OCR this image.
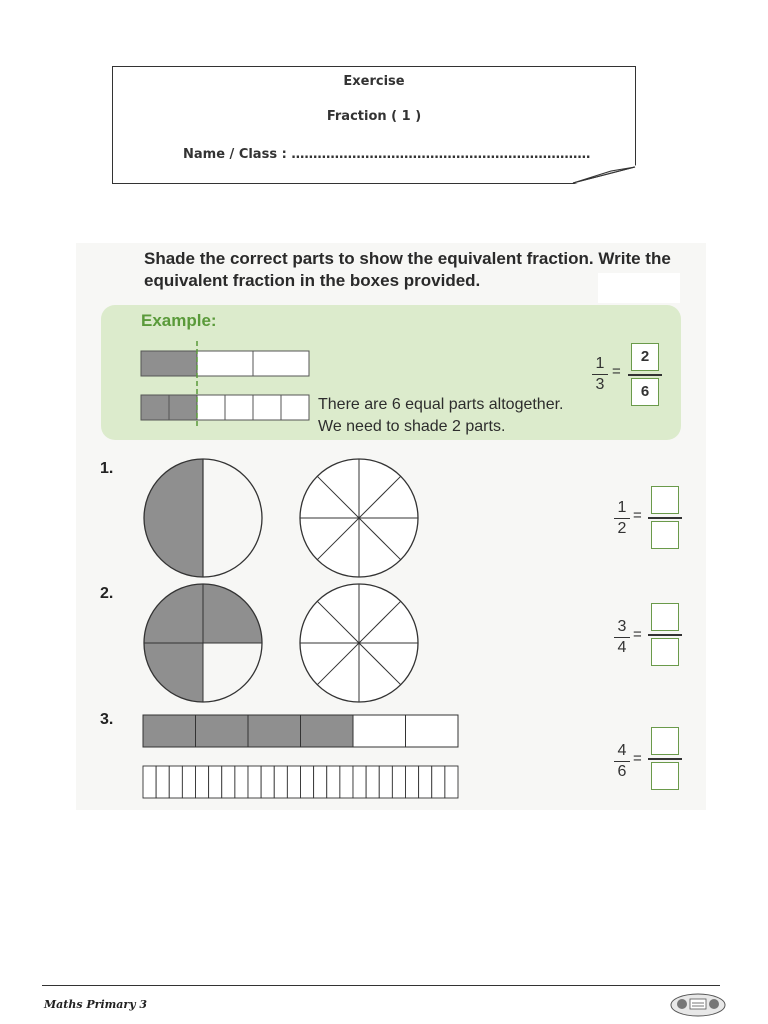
Exercise
Fraction ( 1 )
Name / Class : ……………………………………………………………
Shade the correct parts to show the equivalent fraction. Write the equivalent fraction in the boxes provided.
Example:
There are 6 equal parts altogether.
We need to shade 2 parts.
1
3
=
2
6
1.
1
2
=
2.
3
4
=
3.
4
6
=
Maths Primary 3
